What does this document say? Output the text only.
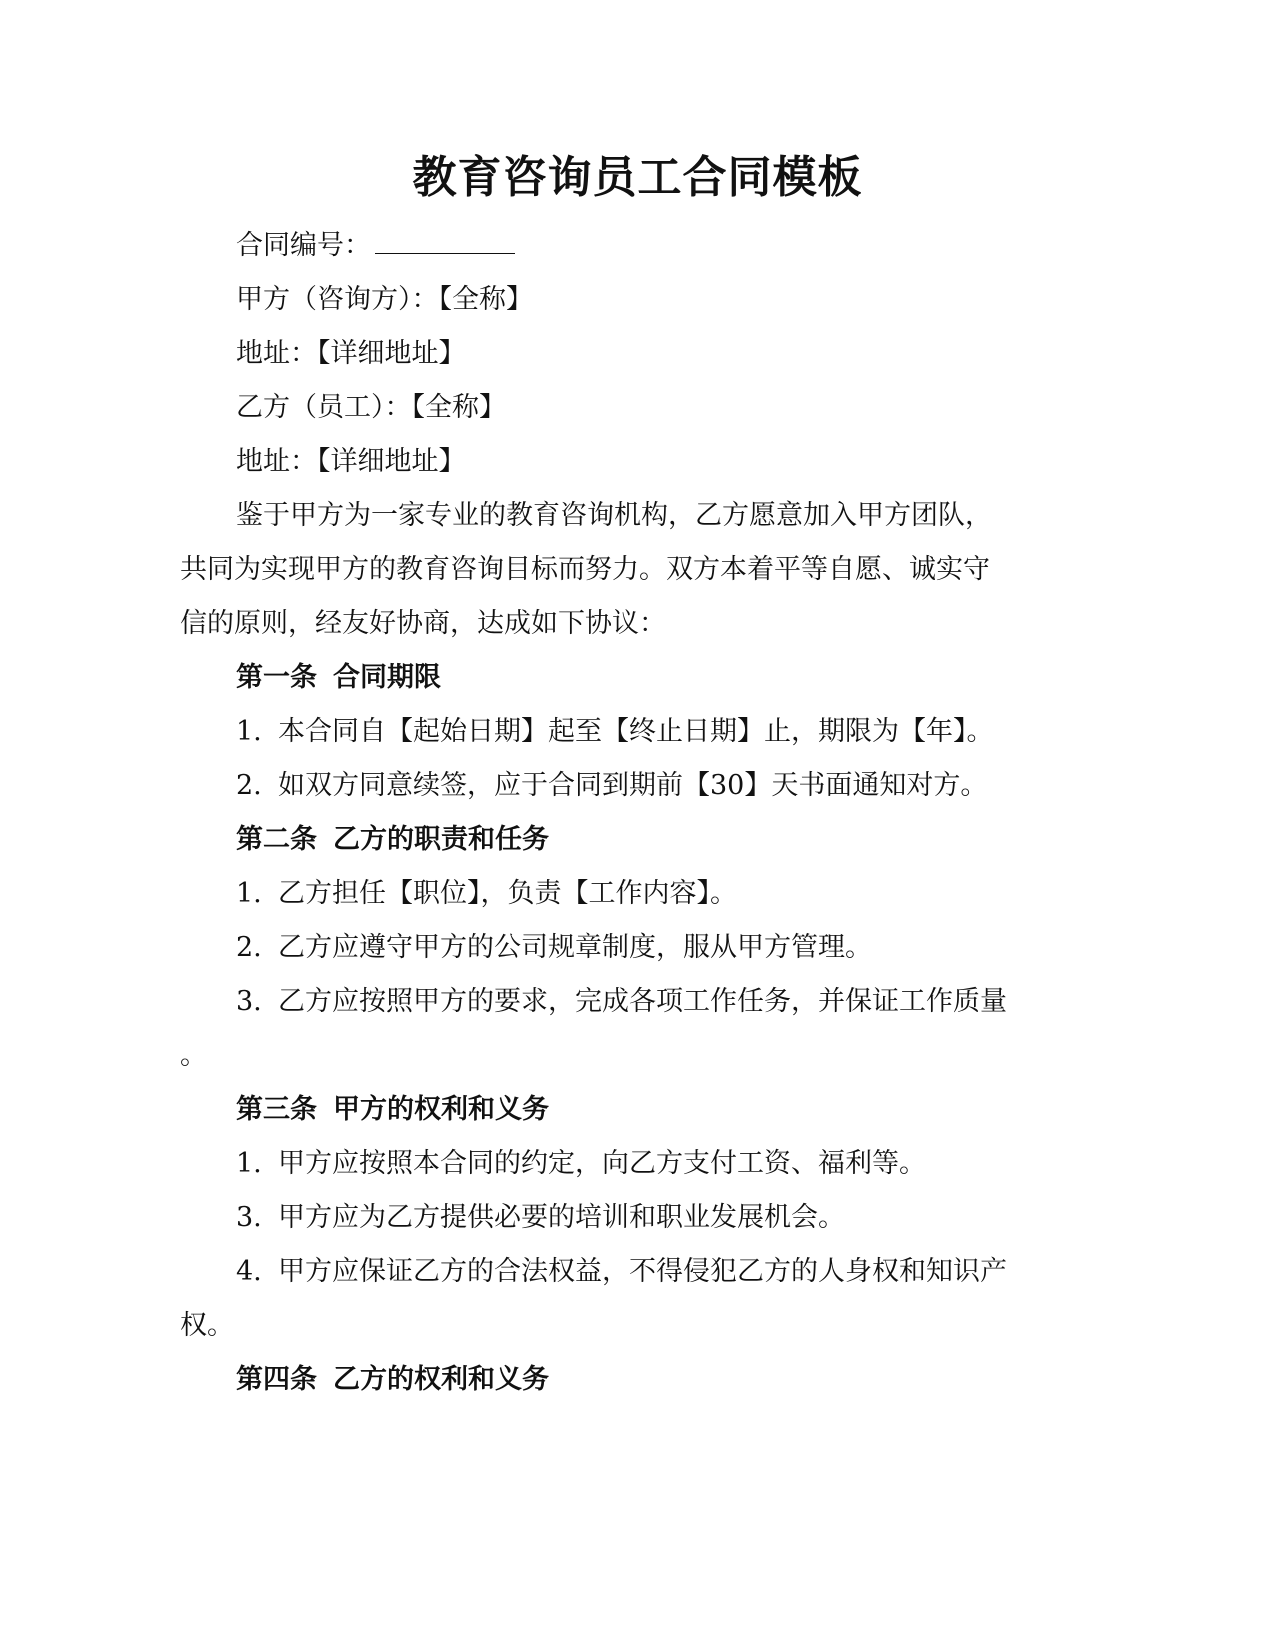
教育咨询员工合同模板
合同编号：
甲方（咨询方）：【全称】
地址：【详细地址】
乙方（员工）：【全称】
地址：【详细地址】
鉴于甲方为一家专业的教育咨询机构，乙方愿意加入甲方团队，
共同为实现甲方的教育咨询目标而努力。双方本着平等自愿、诚实守
信的原则，经友好协商，达成如下协议：
第一条 合同期限
1. 本合同自【起始日期】起至【终止日期】止，期限为【年】。
2. 如双方同意续签，应于合同到期前【30】天书面通知对方。
第二条 乙方的职责和任务
1. 乙方担任【职位】，负责【工作内容】。
2. 乙方应遵守甲方的公司规章制度，服从甲方管理。
3. 乙方应按照甲方的要求，完成各项工作任务，并保证工作质量
。
第三条 甲方的权利和义务
1. 甲方应按照本合同的约定，向乙方支付工资、福利等。
3. 甲方应为乙方提供必要的培训和职业发展机会。
4. 甲方应保证乙方的合法权益，不得侵犯乙方的人身权和知识产
权。
第四条 乙方的权利和义务
